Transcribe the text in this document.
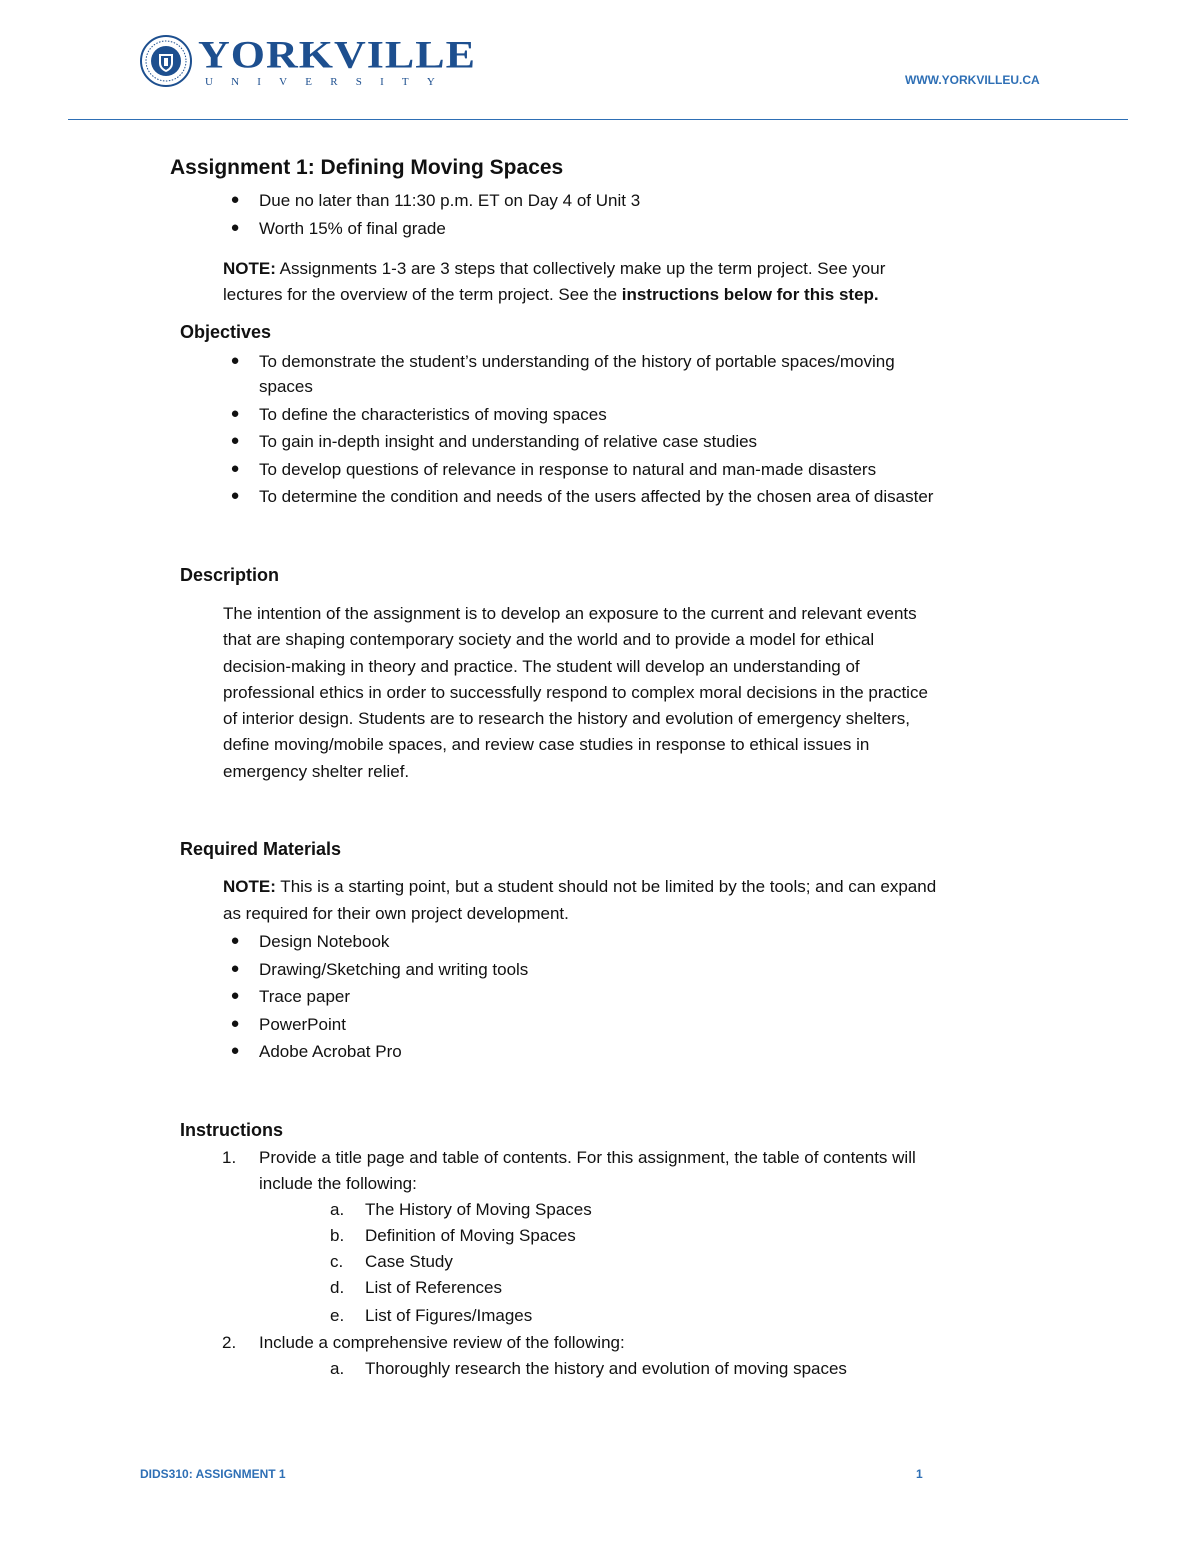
YORKVILLE
UNIVERSITY	WWW.YORKVILLEU.CA
Assignment 1: Defining Moving Spaces
●	Due no later than 11:30 p.m. ET on Day 4 of Unit 3
●	Worth 15% of final grade
NOTE: Assignments 1-3 are 3 steps that collectively make up the term project. See your
lectures for the overview of the term project. See the instructions below for this step.
Objectives
●	To demonstrate the student’s understanding of the history of portable spaces/moving
spaces
●	To define the characteristics of moving spaces
●	To gain in-depth insight and understanding of relative case studies
●	To develop questions of relevance in response to natural and man-made disasters
●	To determine the condition and needs of the users affected by the chosen area of disaster
Description
The intention of the assignment is to develop an exposure to the current and relevant events
that are shaping contemporary society and the world and to provide a model for ethical
decision-making in theory and practice. The student will develop an understanding of
professional ethics in order to successfully respond to complex moral decisions in the practice
of interior design. Students are to research the history and evolution of emergency shelters,
define moving/mobile spaces, and review case studies in response to ethical issues in
emergency shelter relief.
Required Materials
NOTE: This is a starting point, but a student should not be limited by the tools; and can expand
as required for their own project development.
●	Design Notebook
●	Drawing/Sketching and writing tools
●	Trace paper
●	PowerPoint
●	Adobe Acrobat Pro
Instructions
1. Provide a title page and table of contents. For this assignment, the table of contents will
include the following:
a. The History of Moving Spaces
b. Definition of Moving Spaces
c. Case Study
d. List of References
e. List of Figures/Images
2. Include a comprehensive review of the following:
a. Thoroughly research the history and evolution of moving spaces
DIDS310: ASSIGNMENT 1	1
